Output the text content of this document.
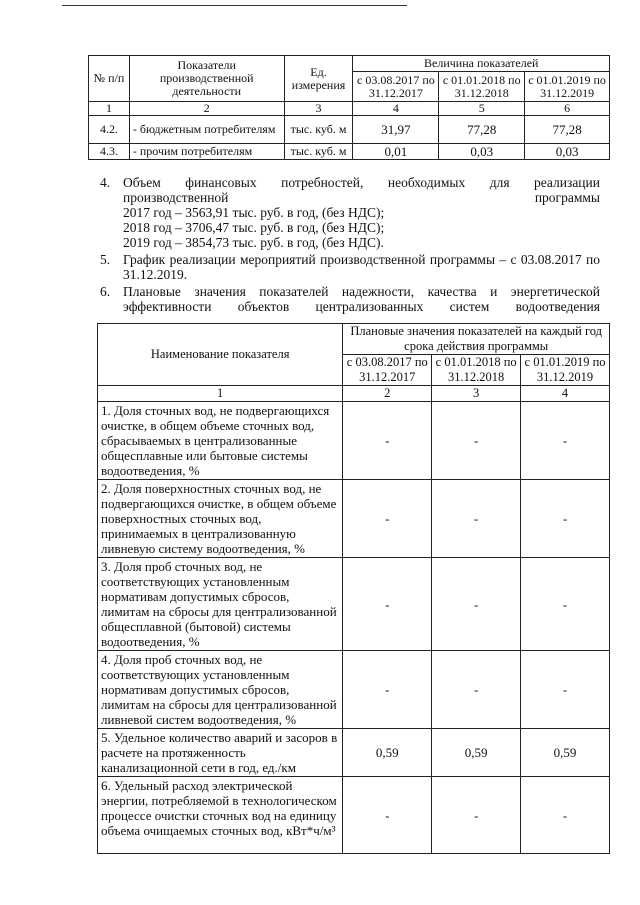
№ п/п	Показатели производственной деятельности	Ед. измерения	Величина показателей		
			с 03.08.2017 по 31.12.2017	с 01.01.2018 по 31.12.2018	с 01.01.2019 по 31.12.2019
1	2	3	4	5	6
4.2.	- бюджетным потребителям	тыс. куб. м	31,97	77,28	77,28
4.3.	- прочим потребителям	тыс. куб. м	0,01	0,03	0,03
4. Объем финансовых потребностей, необходимых для реализации производственной программы
2017 год – 3563,91 тыс. руб. в год, (без НДС);
2018 год – 3706,47 тыс. руб. в год, (без НДС);
2019 год – 3854,73 тыс. руб. в год, (без НДС).
5. График реализации мероприятий производственной программы – с 03.08.2017 по 31.12.2019.
6. Плановые значения показателей надежности, качества и энергетической эффективности объектов централизованных систем водоотведения
Наименование показателя	Плановые значения показателей на каждый год срока действия программы		
	с 03.08.2017 по 31.12.2017	с 01.01.2018 по 31.12.2018	с 01.01.2019 по 31.12.2019
1	2	3	4
1. Доля сточных вод, не подвергающихся очистке, в общем объеме сточных вод, сбрасываемых в централизованные общесплавные или бытовые системы водоотведения, %	-	-	-
2. Доля поверхностных сточных вод, не подвергающихся очистке, в общем объеме поверхностных сточных вод, принимаемых в централизованную ливневую систему водоотведения, %	-	-	-
3. Доля проб сточных вод, не соответствующих установленным нормативам допустимых сбросов, лимитам на сбросы для централизованной общесплавной (бытовой) системы водоотведения, %	-	-	-
4. Доля проб сточных вод, не соответствующих установленным нормативам допустимых сбросов, лимитам на сбросы для централизованной ливневой систем водоотведения, %	-	-	-
5. Удельное количество аварий и засоров в расчете на протяженность канализационной сети в год, ед./км	0,59	0,59	0,59
6. Удельный расход электрической энергии, потребляемой в технологическом процессе очистки сточных вод на единицу объема очищаемых сточных вод, кВт*ч/м³	-	-	-
